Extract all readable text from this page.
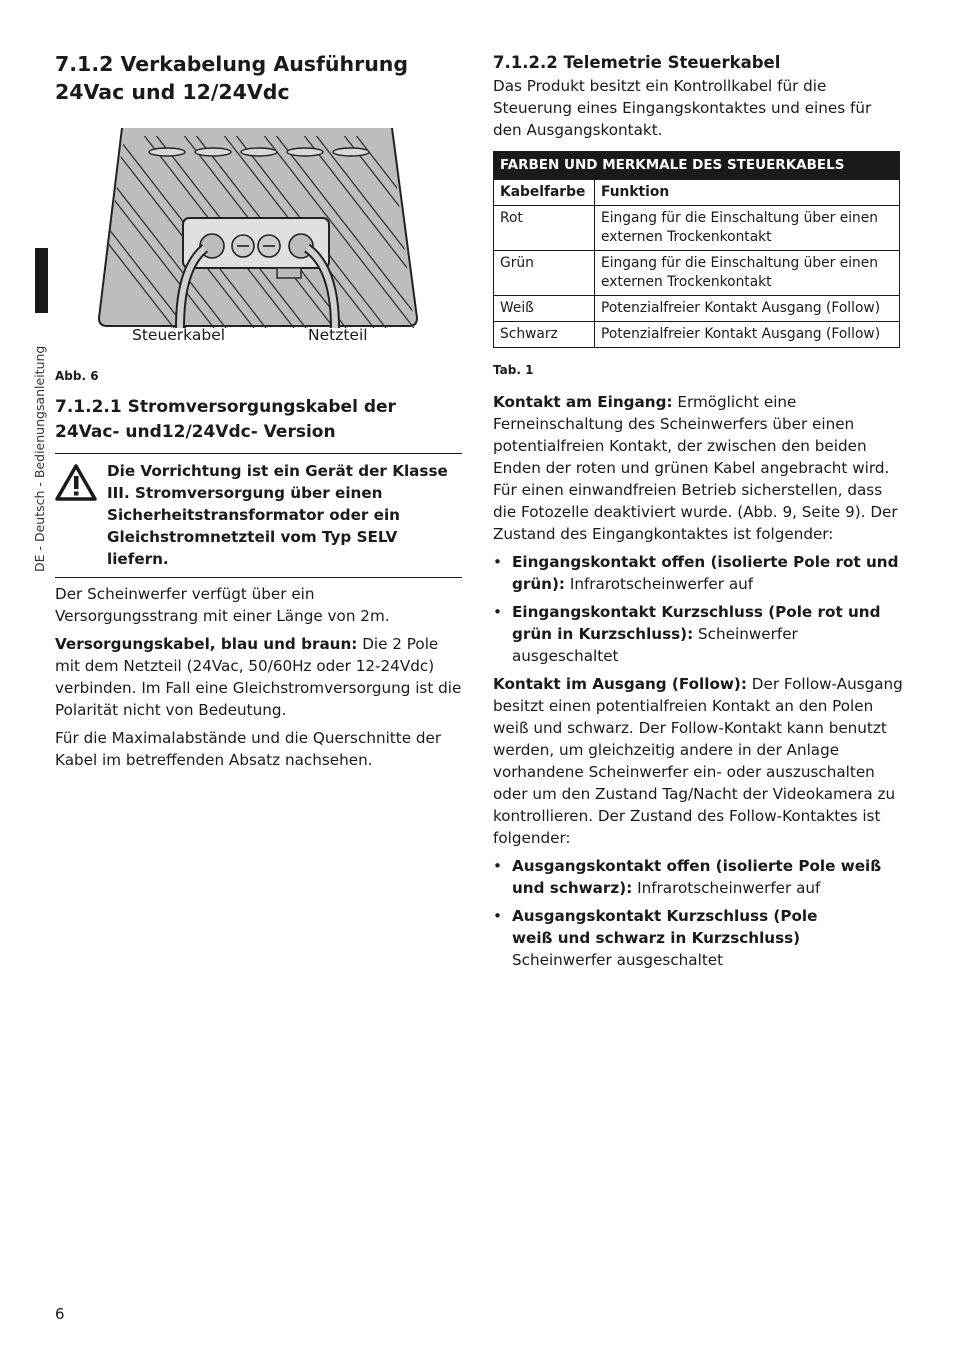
DE - Deutsch - Bedienungsanleitung
7.1.2 Verkabelung Ausführung 24Vac und 12/24Vdc
Steuerkabel	Netzteil
Abb. 6
7.1.2.1 Stromversorgungskabel der 24Vac- und12/24Vdc- Version

Die Vorrichtung ist ein Gerät der Klasse III. Stromversorgung über einen Sicherheitstransformator oder ein Gleichstromnetzteil vom Typ SELV liefern.

Der Scheinwerfer verfügt über ein Versorgungsstrang mit einer Länge von 2m.

Versorgungskabel, blau und braun: Die 2 Pole mit dem Netzteil (24Vac, 50/60Hz oder 12-24Vdc) verbinden. Im Fall eine Gleichstromversorgung ist die Polarität nicht von Bedeutung.

Für die Maximalabstände und die Querschnitte der Kabel im betreffenden Absatz nachsehen.

7.1.2.2 Telemetrie Steuerkabel

Das Produkt besitzt ein Kontrollkabel für die Steuerung eines Eingangskontaktes und eines für den Ausgangskontakt.

FARBEN UND MERKMALE DES STEUERKABELS	
Kabelfarbe	Funktion
Rot	Eingang für die Einschaltung über einen externen Trockenkontakt
Grün	Eingang für die Einschaltung über einen externen Trockenkontakt
Weiß	Potenzialfreier Kontakt Ausgang (Follow)
Schwarz	Potenzialfreier Kontakt Ausgang (Follow)
Tab. 1

Kontakt am Eingang: Ermöglicht eine Ferneinschaltung des Scheinwerfers über einen potentialfreien Kontakt, der zwischen den beiden Enden der roten und grünen Kabel angebracht wird. Für einen einwandfreien Betrieb sicherstellen, dass die Fotozelle deaktiviert wurde. (Abb. 9, Seite 9). Der Zustand des Eingangkontaktes ist folgender:

• Eingangskontakt offen (isolierte Pole rot und grün): Infrarotscheinwerfer auf
• Eingangskontakt Kurzschluss (Pole rot und grün in Kurzschluss): Scheinwerfer ausgeschaltet

Kontakt im Ausgang (Follow): Der Follow-Ausgang besitzt einen potentialfreien Kontakt an den Polen weiß und schwarz. Der Follow-Kontakt kann benutzt werden, um gleichzeitig andere in der Anlage vorhandene Scheinwerfer ein- oder auszuschalten oder um den Zustand Tag/Nacht der Videokamera zu kontrollieren. Der Zustand des Follow-Kontaktes ist folgender:

• Ausgangskontakt offen (isolierte Pole weiß und schwarz): Infrarotscheinwerfer auf
• Ausgangskontakt Kurzschluss (Pole weiß und schwarz in Kurzschluss) Scheinwerfer ausgeschaltet
6
